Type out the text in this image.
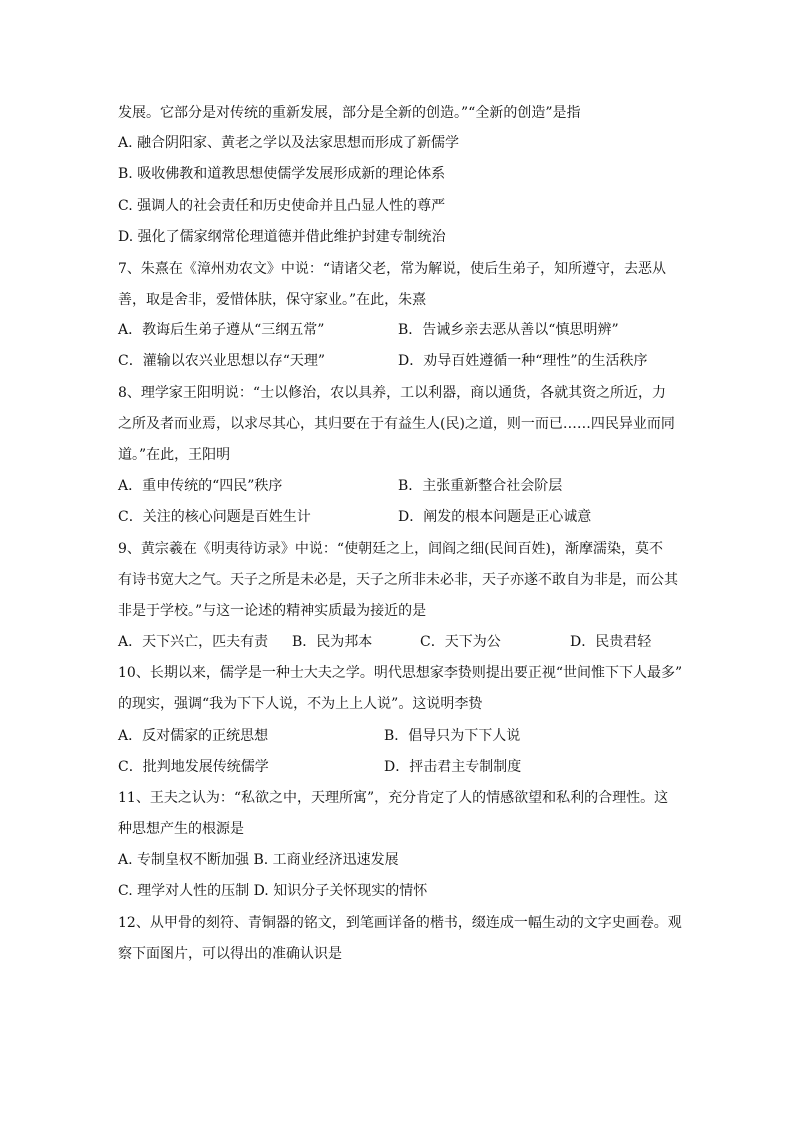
发展。它部分是对传统的重新发展，部分是全新的创造。”“全新的创造”是指
A. 融合阴阳家、黄老之学以及法家思想而形成了新儒学
B. 吸收佛教和道教思想使儒学发展形成新的理论体系
C. 强调人的社会责任和历史使命并且凸显人性的尊严
D. 强化了儒家纲常伦理道德并借此维护封建专制统治
7、朱熹在《漳州劝农文》中说：“请诸父老，常为解说，使后生弟子，知所遵守，去恶从
善，取是舍非，爱惜体肤，保守家业。”在此，朱熹
A．教诲后生弟子遵从“三纲五常”	B．告诫乡亲去恶从善以“慎思明辨”
C．灌输以农兴业思想以存“天理”	D．劝导百姓遵循一种“理性”的生活秩序
8、理学家王阳明说：“士以修治，农以具养，工以利器，商以通货，各就其资之所近，力
之所及者而业焉，以求尽其心，其归要在于有益生人(民)之道，则一而已……四民异业而同
道。”在此，王阳明
A．重申传统的“四民”秩序	B．主张重新整合社会阶层
C．关注的核心问题是百姓生计	D．阐发的根本问题是正心诚意
9、黄宗羲在《明夷待访录》中说：“使朝廷之上，闾阎之细(民间百姓)，渐摩濡染，莫不
有诗书宽大之气。天子之所是未必是，天子之所非未必非，天子亦遂不敢自为非是，而公其
非是于学校。”与这一论述的精神实质最为接近的是
A．天下兴亡，匹夫有责 B．民为邦本	C．天下为公	D．民贵君轻
10、长期以来，儒学是一种士大夫之学。明代思想家李贽则提出要正视“世间惟下下人最多”
的现实，强调“我为下下人说，不为上上人说”。这说明李贽
A．反对儒家的正统思想	B．倡导只为下下人说
C．批判地发展传统儒学	D．抨击君主专制制度
11、王夫之认为：“私欲之中，天理所寓”，充分肯定了人的情感欲望和私利的合理性。这
种思想产生的根源是
A. 专制皇权不断加强 B. 工商业经济迅速发展
C. 理学对人性的压制 D. 知识分子关怀现实的情怀
12、从甲骨的刻符、青铜器的铭文，到笔画详备的楷书，缀连成一幅生动的文字史画卷。观
察下面图片，可以得出的准确认识是
